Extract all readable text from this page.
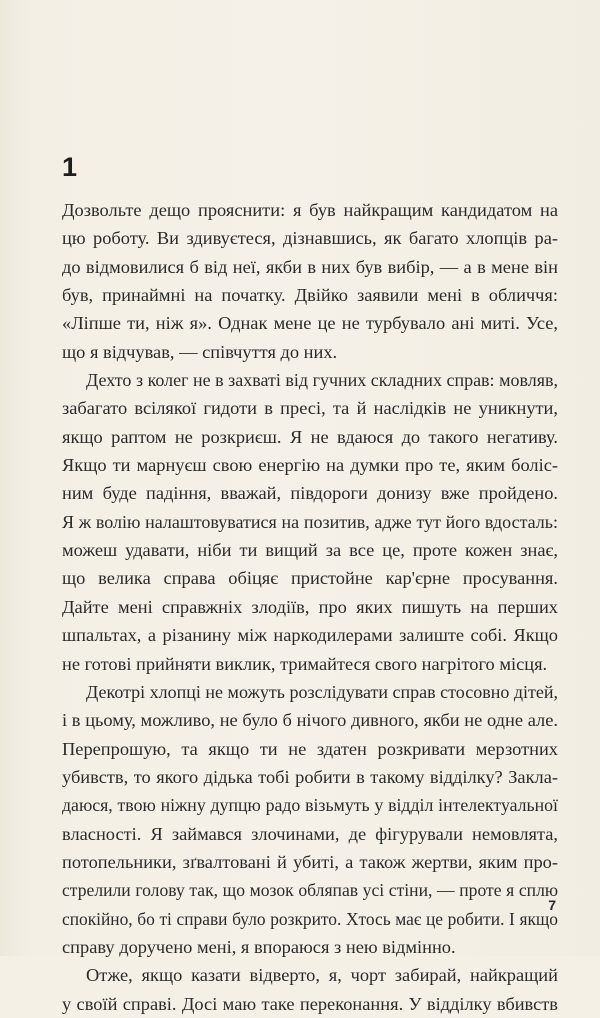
1
Дозвольте дещо прояснити: я був найкращим кандидатом на
цю роботу. Ви здивуєтеся, дізнавшись, як багато хлопців ра-
до відмовилися б від неї, якби в них був вибір, — а в мене він
був, принаймні на початку. Двійко заявили мені в обличчя:
«Ліпше ти, ніж я». Однак мене це не турбувало ані миті. Усе,
що я відчував, — співчуття до них.
Дехто з колег не в захваті від гучних складних справ: мовляв,
забагато всілякої гидоти в пресі, та й наслідків не уникнути,
якщо раптом не розкриєш. Я не вдаюся до такого негативу.
Якщо ти марнуєш свою енергію на думки про те, яким боліс-
ним буде падіння, вважай, півдороги донизу вже пройдено.
Я ж волію налаштовуватися на позитив, адже тут його вдосталь:
можеш удавати, ніби ти вищий за все це, проте кожен знає,
що велика справа обіцяє пристойне кар'єрне просування.
Дайте мені справжніх злодіїв, про яких пишуть на перших
шпальтах, а різанину між наркодилерами залиште собі. Якщо
не готові прийняти виклик, тримайтеся свого нагрітого місця.
Декотрі хлопці не можуть розслідувати справ стосовно дітей,
і в цьому, можливо, не було б нічого дивного, якби не одне але.
Перепрошую, та якщо ти не здатен розкривати мерзотних
убивств, то якого дідька тобі робити в такому відділку? Закла-
даюся, твою ніжну дупцю радо візьмуть у відділ інтелектуальної
власності. Я займався злочинами, де фігурували немовлята,
потопельники, зґвалтовані й убиті, а також жертви, яким про-
стрелили голову так, що мозок обляпав усі стіни, — проте я сплю
спокійно, бо ті справи було розкрито. Хтось має це робити. І якщо
справу доручено мені, я впораюся з нею відмінно.
Отже, якщо казати відверто, я, чорт забирай, найкращий
у своїй справі. Досі маю таке переконання. У відділку вбивств
7
